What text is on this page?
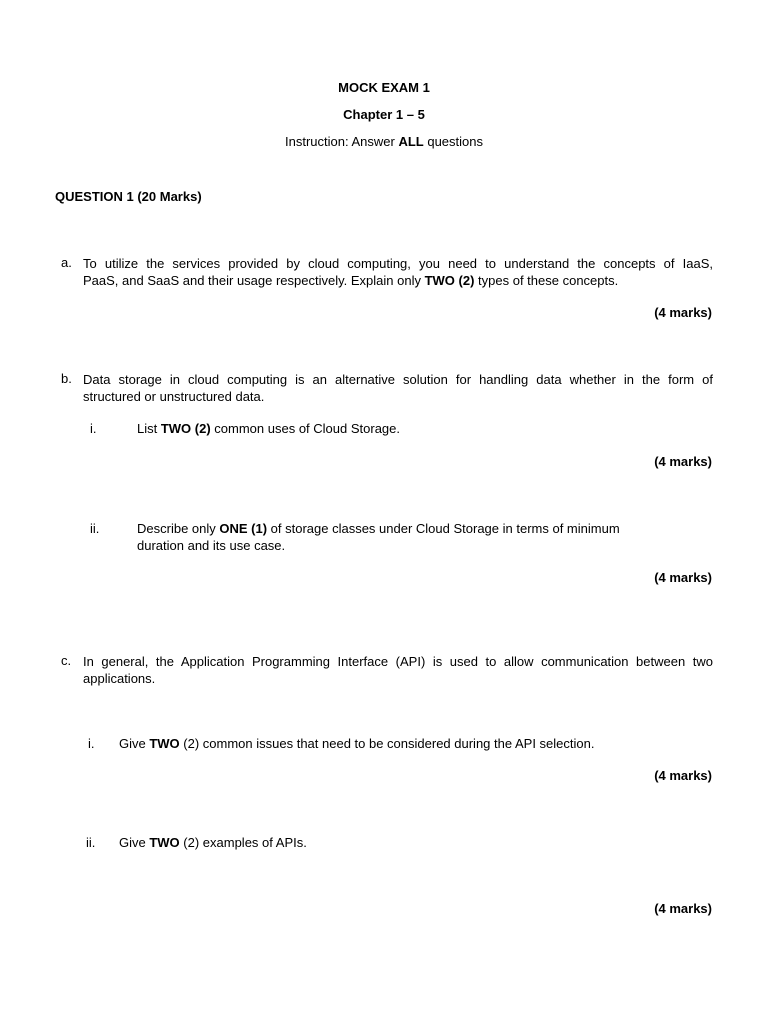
MOCK EXAM 1
Chapter 1 – 5
Instruction: Answer ALL questions
QUESTION 1 (20 Marks)
a. To utilize the services provided by cloud computing, you need to understand the concepts of IaaS,
PaaS, and SaaS and their usage respectively. Explain only TWO (2) types of these concepts.
(4 marks)
b. Data storage in cloud computing is an alternative solution for handling data whether in the form of
structured or unstructured data.
i.	List TWO (2) common uses of Cloud Storage.
(4 marks)
ii.	Describe only ONE (1) of storage classes under Cloud Storage in terms of minimum
duration and its use case.
(4 marks)
c. In general, the Application Programming Interface (API) is used to allow communication between two
applications.
i. Give TWO (2) common issues that need to be considered during the API selection.
(4 marks)
ii. Give TWO (2) examples of APIs.
(4 marks)
